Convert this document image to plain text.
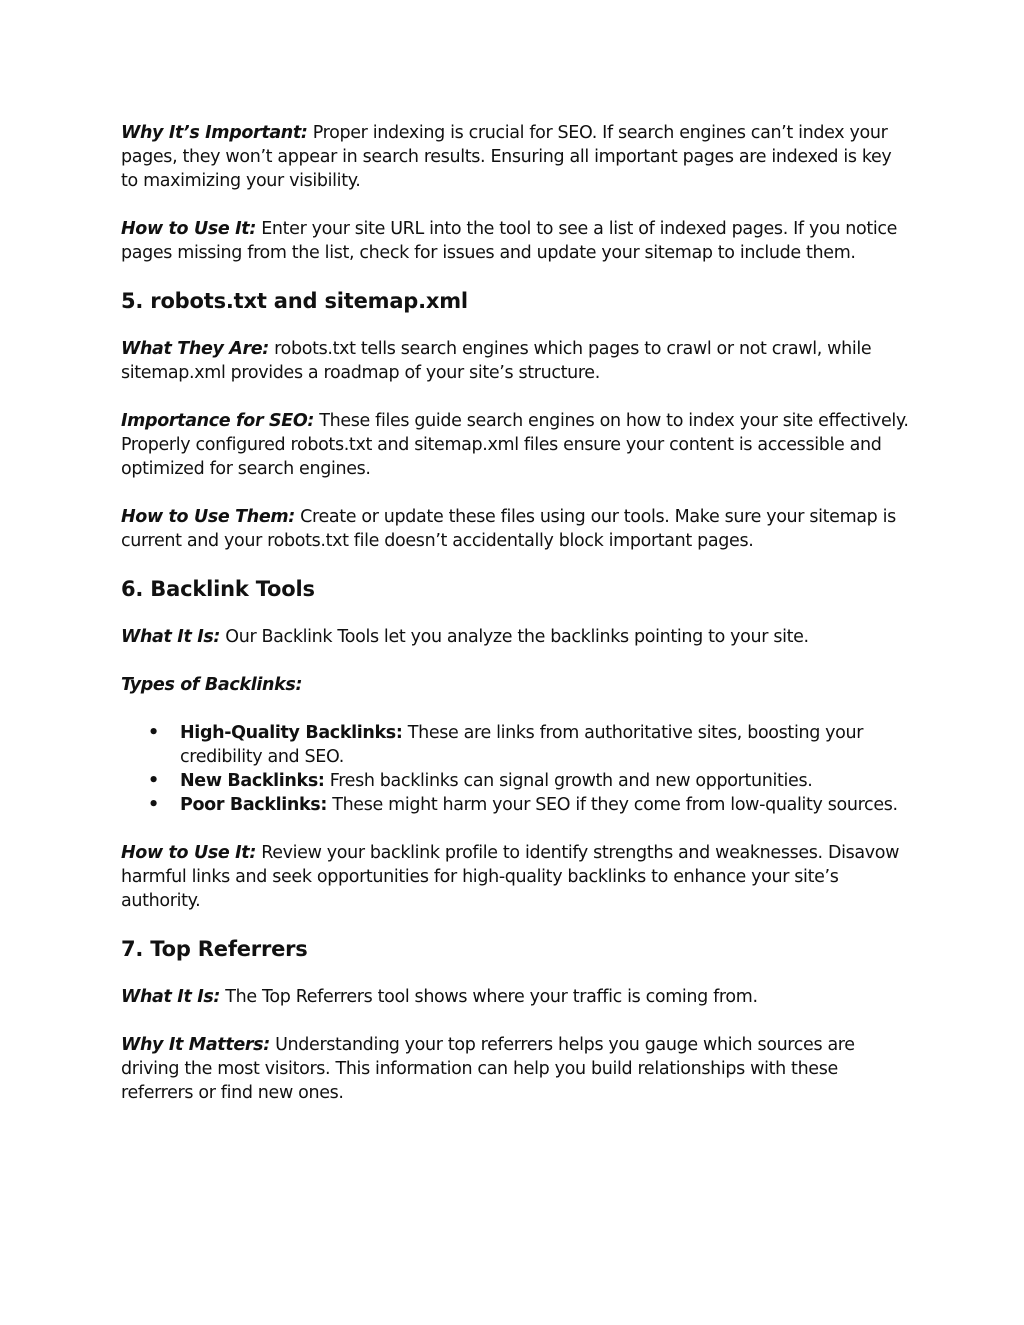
Why It’s Important: Proper indexing is crucial for SEO. If search engines can’t index your pages, they won’t appear in search results. Ensuring all important pages are indexed is key to maximizing your visibility.

How to Use It: Enter your site URL into the tool to see a list of indexed pages. If you notice pages missing from the list, check for issues and update your sitemap to include them.

5. robots.txt and sitemap.xml

What They Are: robots.txt tells search engines which pages to crawl or not crawl, while sitemap.xml provides a roadmap of your site’s structure.

Importance for SEO: These files guide search engines on how to index your site effectively. Properly configured robots.txt and sitemap.xml files ensure your content is accessible and optimized for search engines.

How to Use Them: Create or update these files using our tools. Make sure your sitemap is current and your robots.txt file doesn’t accidentally block important pages.

6. Backlink Tools

What It Is: Our Backlink Tools let you analyze the backlinks pointing to your site.

Types of Backlinks:

• High-Quality Backlinks: These are links from authoritative sites, boosting your credibility and SEO.
• New Backlinks: Fresh backlinks can signal growth and new opportunities.
• Poor Backlinks: These might harm your SEO if they come from low-quality sources.

How to Use It: Review your backlink profile to identify strengths and weaknesses. Disavow harmful links and seek opportunities for high-quality backlinks to enhance your site’s authority.

7. Top Referrers

What It Is: The Top Referrers tool shows where your traffic is coming from.

Why It Matters: Understanding your top referrers helps you gauge which sources are driving the most visitors. This information can help you build relationships with these referrers or find new ones.
